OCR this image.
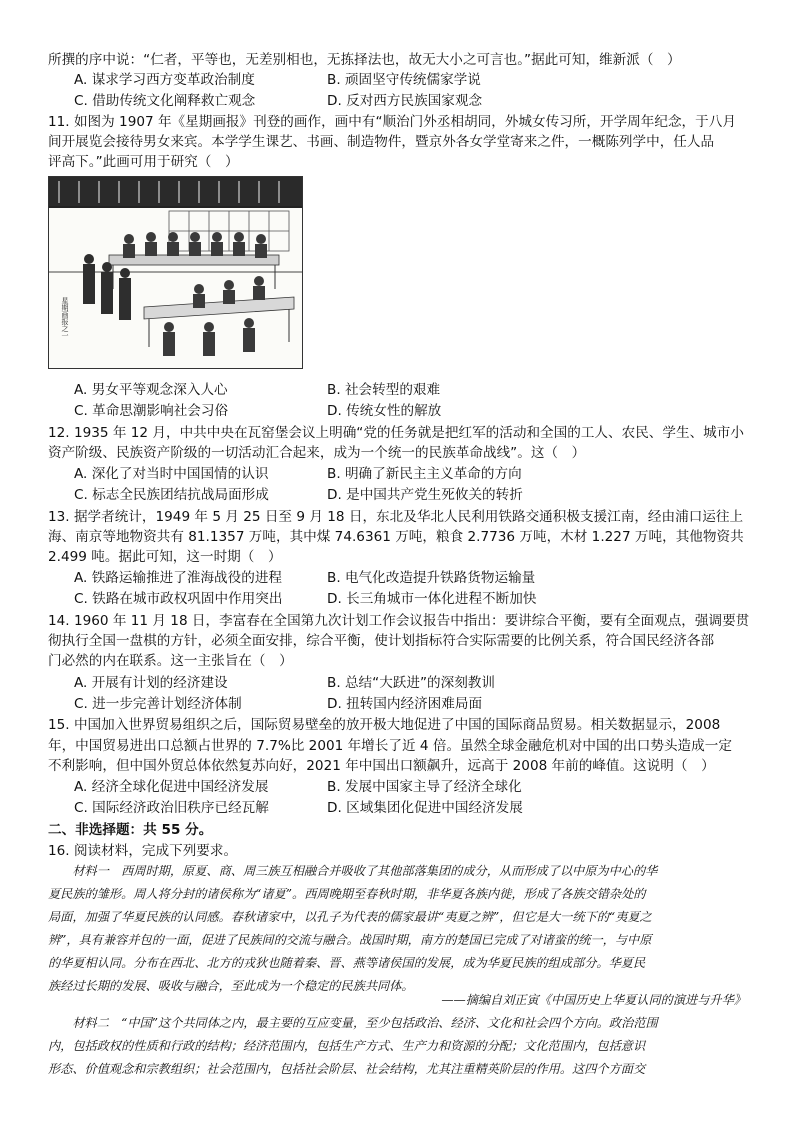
所撰的序中说：“仁者，平等也，无差别相也，无拣择法也，故无大小之可言也。”据此可知，维新派（　）
A. 谋求学习西方变革政治制度	B. 顽固坚守传统儒家学说
C. 借助传统文化阐释救亡观念	D. 反对西方民族国家观念
11. 如图为 1907 年《星期画报》刊登的画作，画中有“顺治门外丞相胡同，外城女传习所，开学周年纪念，于八月
间开展览会接待男女来宾。本学学生课艺、书画、制造物件，暨京外各女学堂寄来之件，一概陈列学中，任人品
评高下。”此画可用于研究（　）
星期画报之一
A. 男女平等观念深入人心	B. 社会转型的艰难
C. 革命思潮影响社会习俗	D. 传统女性的解放
12. 1935 年 12 月，中共中央在瓦窑堡会议上明确“党的任务就是把红军的活动和全国的工人、农民、学生、城市小
资产阶级、民族资产阶级的一切活动汇合起来，成为一个统一的民族革命战线”。这（　）
A. 深化了对当时中国国情的认识	B. 明确了新民主主义革命的方向
C. 标志全民族团结抗战局面形成	D. 是中国共产党生死攸关的转折
13. 据学者统计，1949 年 5 月 25 日至 9 月 18 日，东北及华北人民利用铁路交通积极支援江南，经由浦口运往上
海、南京等地物资共有 81.1357 万吨，其中煤 74.6361 万吨，粮食 2.7736 万吨，木材 1.227 万吨，其他物资共
2.499 吨。据此可知，这一时期（　）
A. 铁路运输推进了淮海战役的进程	B. 电气化改造提升铁路货物运输量
C. 铁路在城市政权巩固中作用突出	D. 长三角城市一体化进程不断加快
14. 1960 年 11 月 18 日，李富春在全国第九次计划工作会议报告中指出：要讲综合平衡，要有全面观点，强调要贯
彻执行全国一盘棋的方针，必须全面安排，综合平衡，使计划指标符合实际需要的比例关系，符合国民经济各部
门必然的内在联系。这一主张旨在（　）
A. 开展有计划的经济建设	B. 总结“大跃进”的深刻教训
C. 进一步完善计划经济体制	D. 扭转国内经济困难局面
15. 中国加入世界贸易组织之后，国际贸易壁垒的放开极大地促进了中国的国际商品贸易。相关数据显示，2008
年，中国贸易进出口总额占世界的 7.7%比 2001 年增长了近 4 倍。虽然全球金融危机对中国的出口势头造成一定
不利影响，但中国外贸总体依然复苏向好，2021 年中国出口额飙升，远高于 2008 年前的峰值。这说明（　）
A. 经济全球化促进中国经济发展	B. 发展中国家主导了经济全球化
C. 国际经济政治旧秩序已经瓦解	D. 区域集团化促进中国经济发展
二、非选择题：共 55 分。
16. 阅读材料，完成下列要求。
　　材料一　西周时期，原夏、商、周三族互相融合并吸收了其他部落集团的成分，从而形成了以中原为中心的华
夏民族的雏形。周人将分封的诸侯称为“诸夏”。西周晚期至春秋时期，非华夏各族内徙，形成了各族交错杂处的
局面，加强了华夏民族的认同感。春秋诸家中，以孔子为代表的儒家最讲“夷夏之辨”，但它是大一统下的“夷夏之
辨”，具有兼容并包的一面，促进了民族间的交流与融合。战国时期，南方的楚国已完成了对诸蛮的统一，与中原
的华夏相认同。分布在西北、北方的戎狄也随着秦、晋、燕等诸侯国的发展，成为华夏民族的组成部分。华夏民
族经过长期的发展、吸收与融合，至此成为一个稳定的民族共同体。
——摘编自刘正寅《中国历史上华夏认同的演进与升华》
　　材料二　“中国”这个共同体之内，最主要的互应变量，至少包括政治、经济、文化和社会四个方向。政治范围
内，包括政权的性质和行政的结构；经济范围内，包括生产方式、生产力和资源的分配；文化范围内，包括意识
形态、价值观念和宗教组织；社会范围内，包括社会阶层、社会结构，尤其注重精英阶层的作用。这四个方面交
